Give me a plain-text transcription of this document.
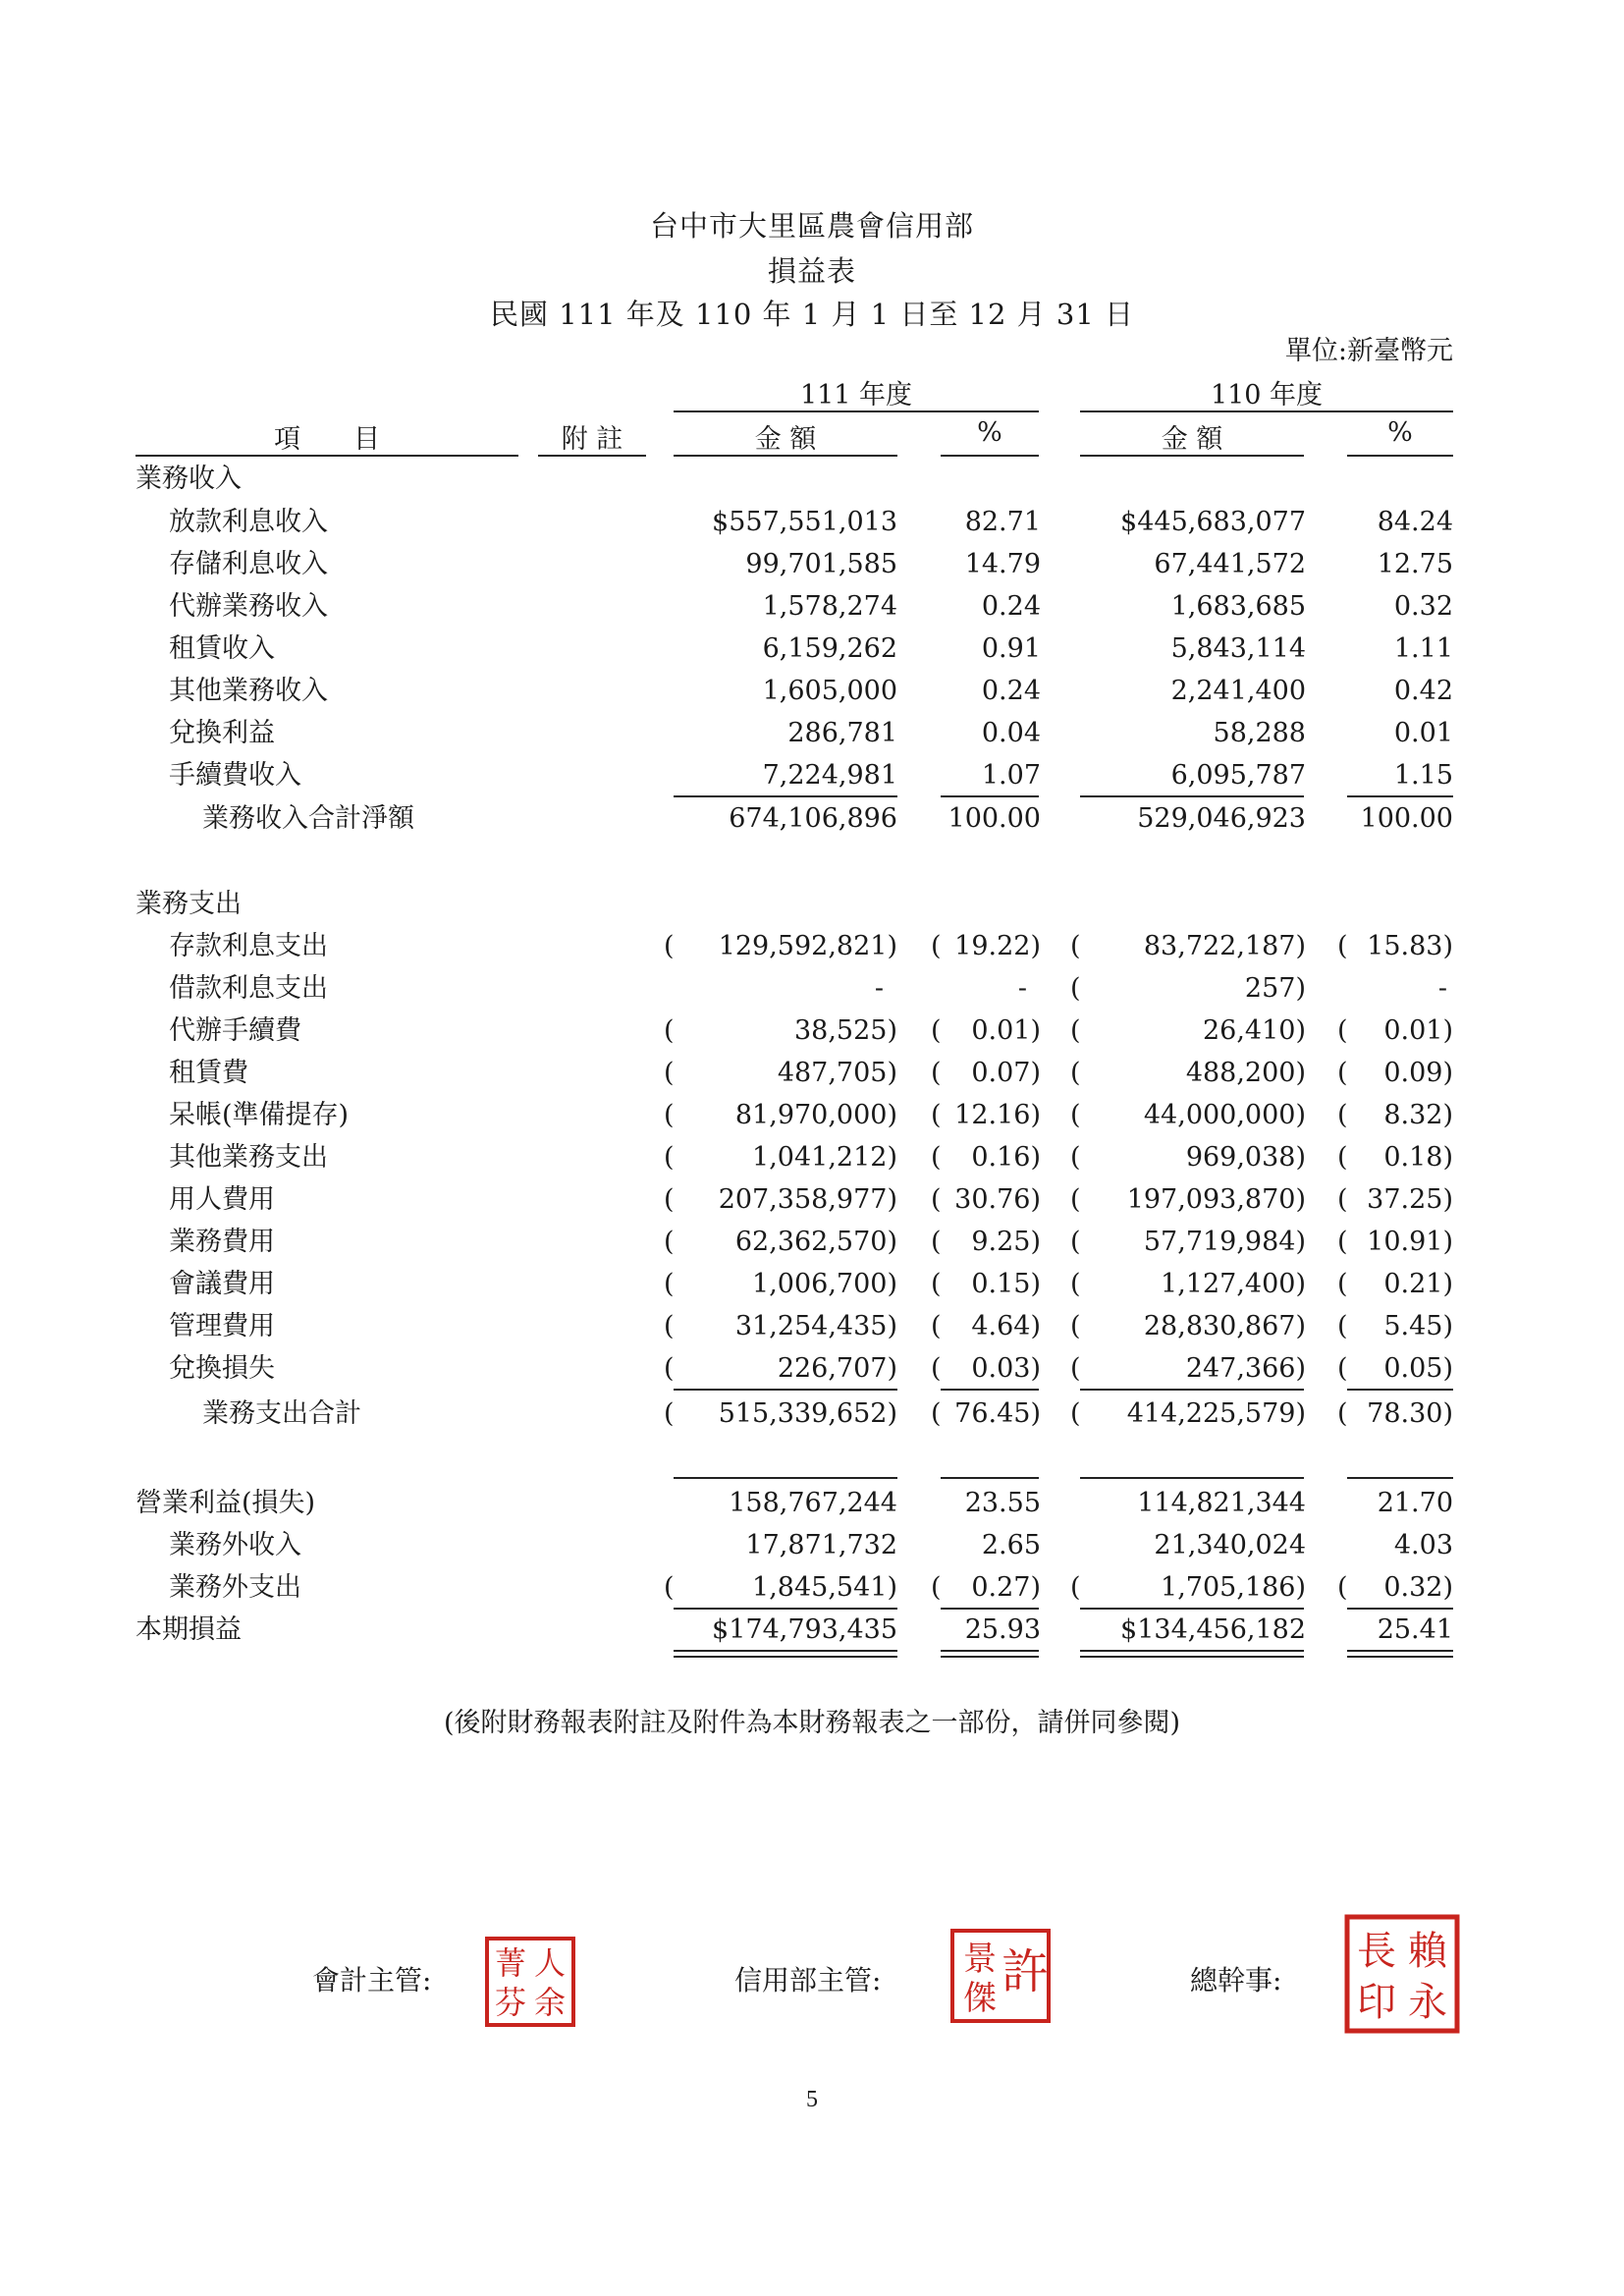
台中市大里區農會信用部
損益表
民國 111 年及 110 年 1 月 1 日至 12 月 31 日
單位:新臺幣元
111 年度	110 年度
項　　目	附 註	金 額	%	金 額	%
業務收入
放款利息收入	$557,551,013	82.71	$445,683,077	84.24
存儲利息收入	99,701,585	14.79	67,441,572	12.75
代辦業務收入	1,578,274	0.24	1,683,685	0.32
租賃收入	6,159,262	0.91	5,843,114	1.11
其他業務收入	1,605,000	0.24	2,241,400	0.42
兌換利益	286,781	0.04	58,288	0.01
手續費收入	7,224,981	1.07	6,095,787	1.15
業務收入合計淨額	674,106,896 100.00	529,046,923 100.00
業務支出
存款利息支出	( 129,592,821) ( 19.22) ( 83,722,187) ( 15.83)
借款利息支出	-	- (	257)	-
代辦手續費	(	38,525) ( 0.01) (	26,410) ( 0.01)
租賃費	(	487,705) ( 0.07) (	488,200) ( 0.09)
呆帳(準備提存)	( 81,970,000) ( 12.16) ( 44,000,000) ( 8.32)
其他業務支出	(	1,041,212) ( 0.16) (	969,038) ( 0.18)
用人費用	( 207,358,977) ( 30.76) ( 197,093,870) ( 37.25)
業務費用	( 62,362,570) ( 9.25) ( 57,719,984) ( 10.91)
會議費用	(	1,006,700) ( 0.15) (	1,127,400) ( 0.21)
管理費用	( 31,254,435) ( 4.64) ( 28,830,867) ( 5.45)
兌換損失	(	226,707) ( 0.03) (	247,366) ( 0.05)
業務支出合計	( 515,339,652) ( 76.45) ( 414,225,579) ( 78.30)
營業利益(損失)	158,767,244	23.55	114,821,344	21.70
業務外收入	17,871,732	2.65	21,340,024	4.03
業務外支出	(	1,845,541) ( 0.27) (	1,705,186) ( 0.32)
本期損益	$174,793,435	25.93	$134,456,182	25.41
(後附財務報表附註及附件為本財務報表之一部份，請併同參閱)
會計主管:	人
余
菁
芬
信用部主管:	許
景
傑	總幹事:
賴
永
長
印
5
